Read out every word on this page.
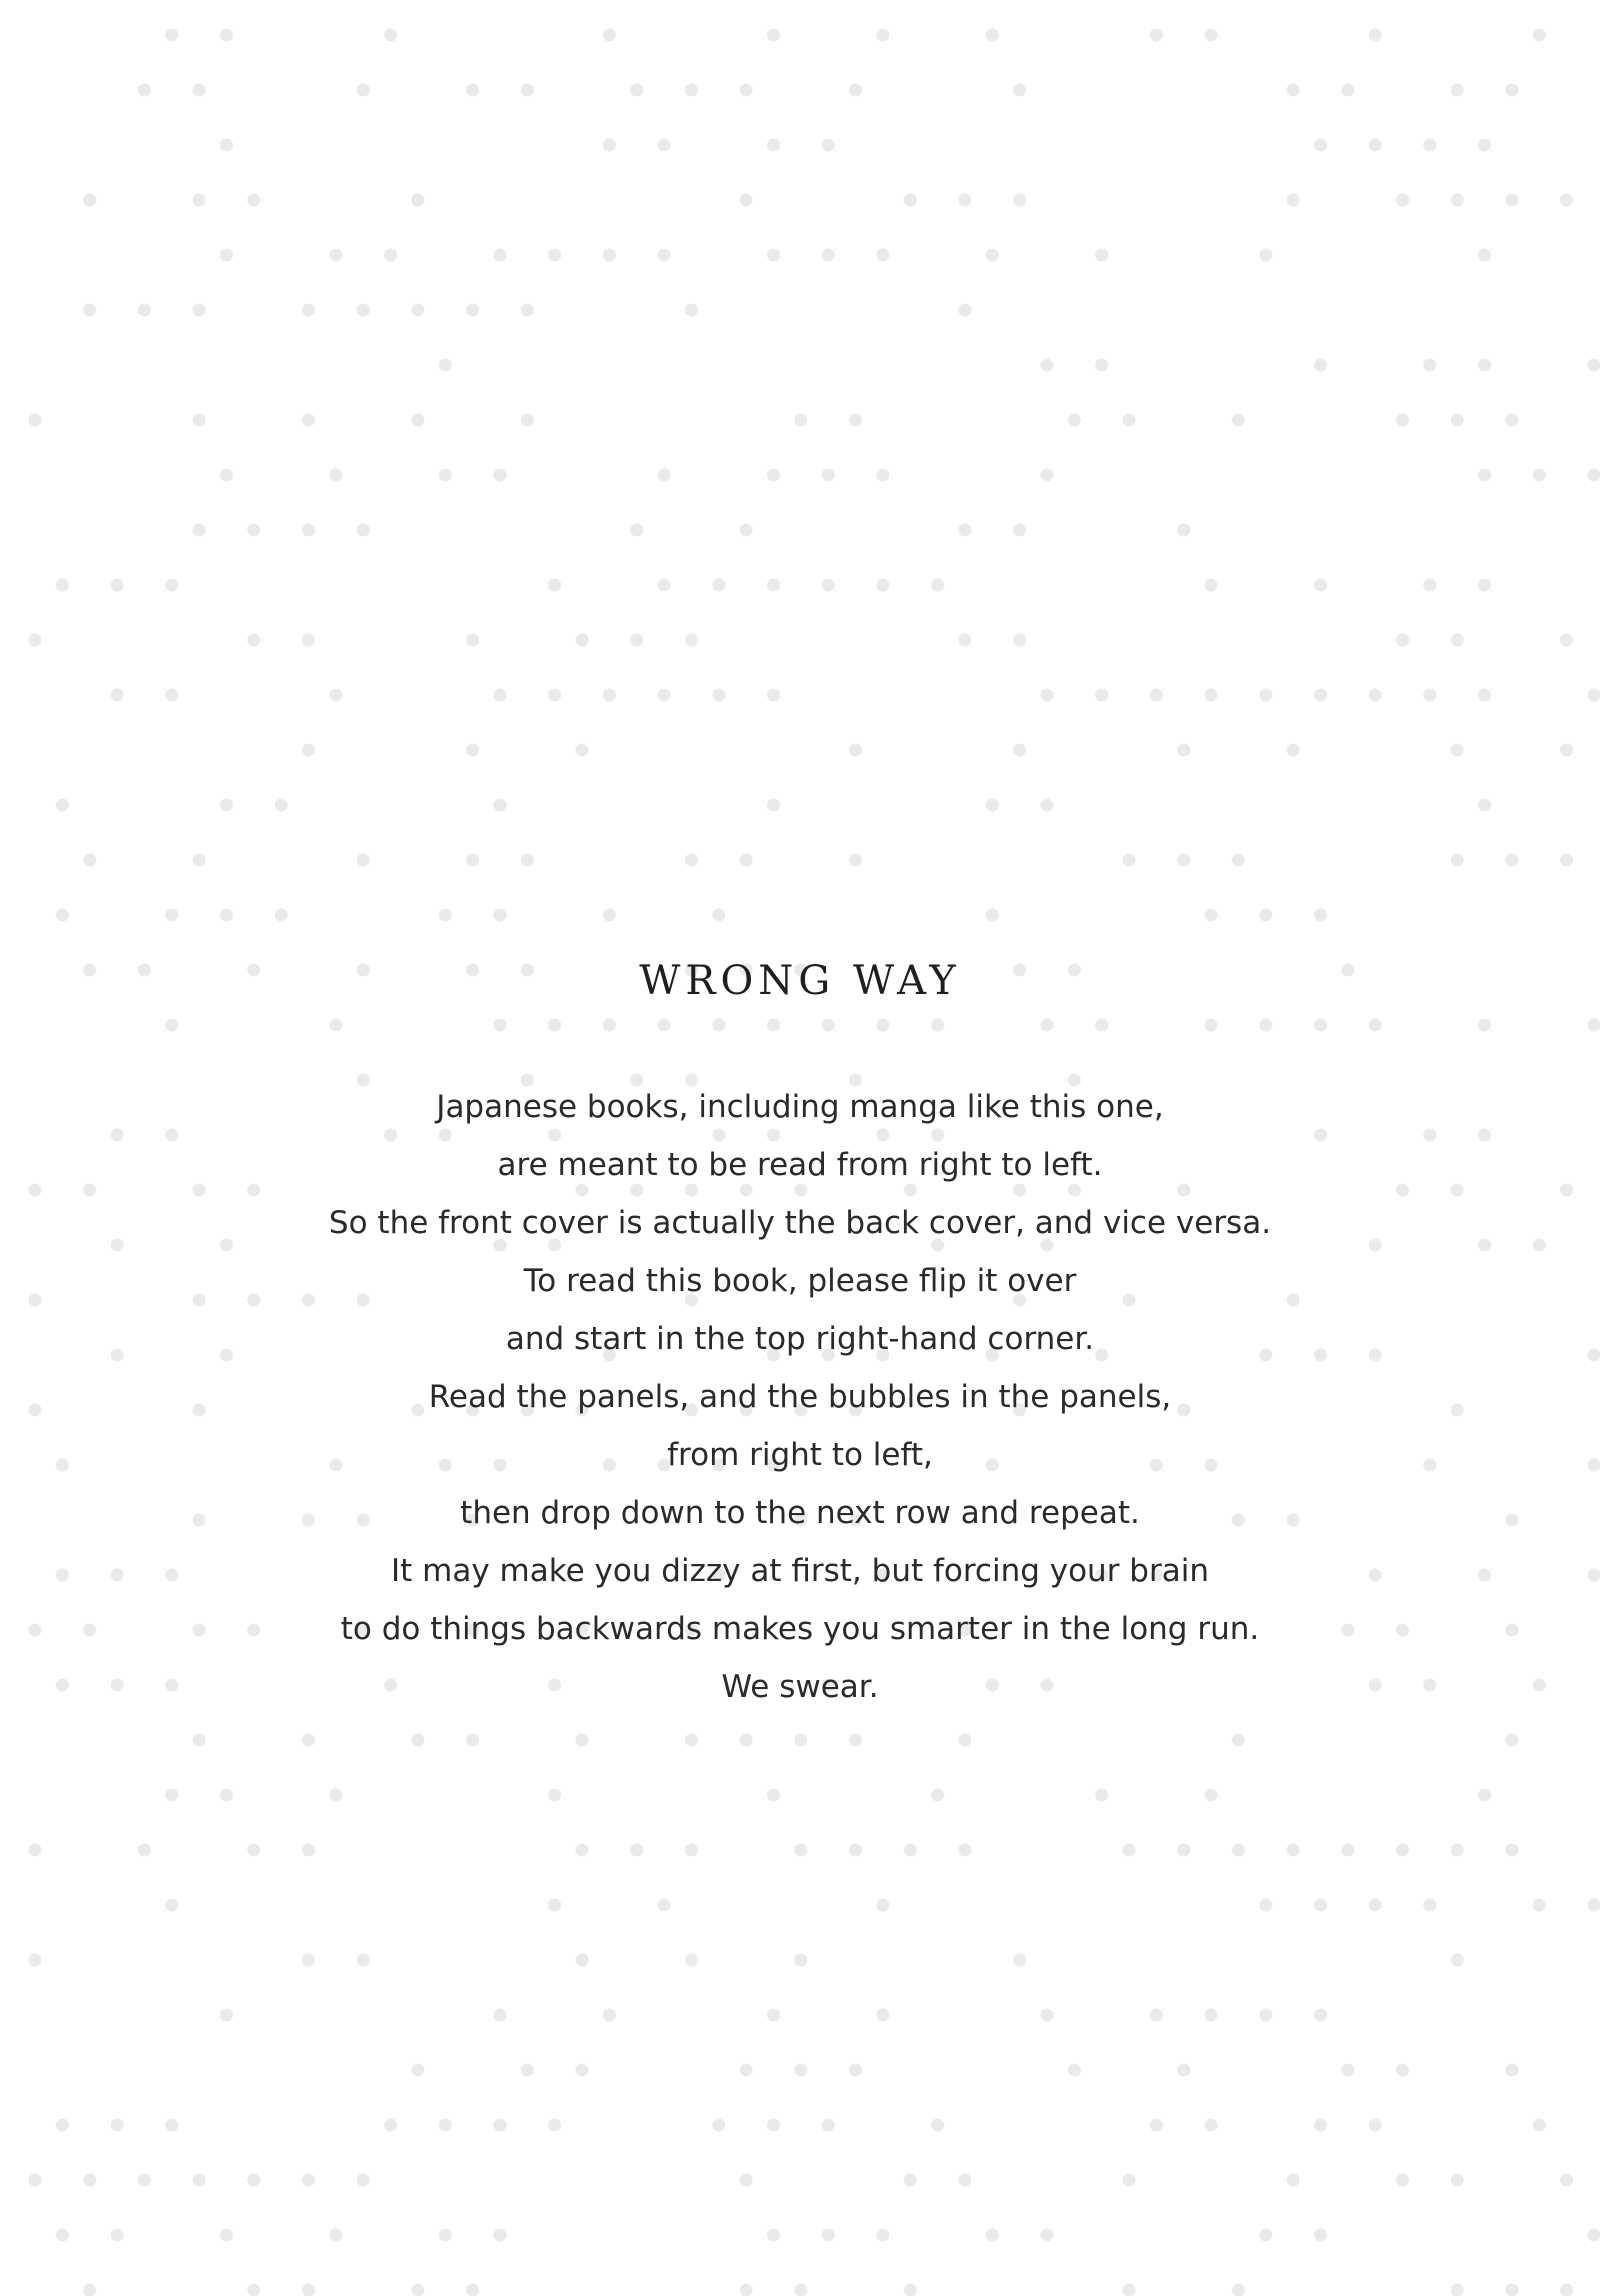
WRONG WAY
Japanese books, including manga like this one,
are meant to be read from right to left.
So the front cover is actually the back cover, and vice versa.
To read this book, please flip it over
and start in the top right-hand corner.
Read the panels, and the bubbles in the panels,
from right to left,
then drop down to the next row and repeat.
It may make you dizzy at first, but forcing your brain
to do things backwards makes you smarter in the long run.
We swear.
